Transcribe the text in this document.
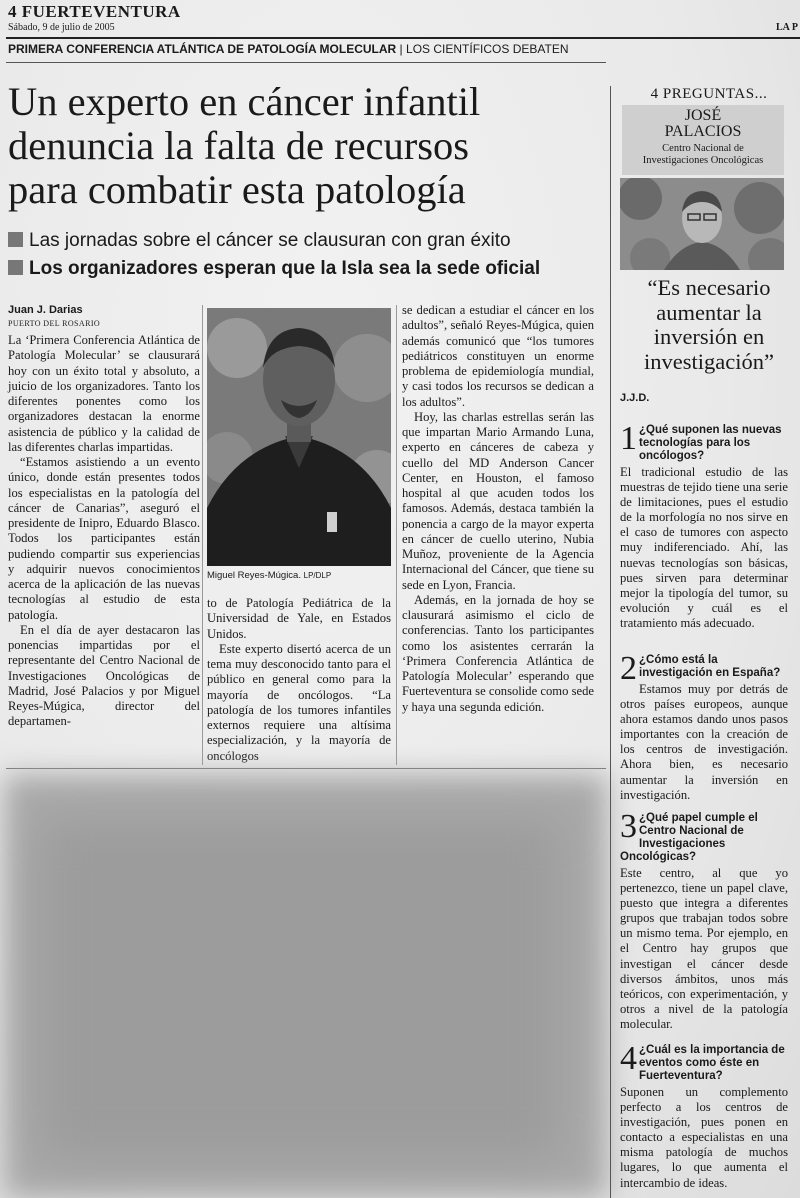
4 FUERTEVENTURA
Sábado, 9 de julio de 2005	LA P
PRIMERA CONFERENCIA ATLÁNTICA DE PATOLOGÍA MOLECULAR | LOS CIENTÍFICOS DEBATEN
Un experto en cáncer infantil
denuncia la falta de recursos
para combatir esta patología
Las jornadas sobre el cáncer se clausuran con gran éxito
Los organizadores esperan que la Isla sea la sede oficial
Juan J. Darias
PUERTO DEL ROSARIO

La ‘Primera Conferencia Atlántica de Patología Molecular’ se clausurará hoy con un éxito total y absoluto, a juicio de los organizadores. Tanto los diferentes ponentes como los organizadores destacan la enorme asistencia de público y la calidad de las diferentes charlas impartidas.

“Estamos asistiendo a un evento único, donde están presentes todos los especialistas en la patología del cáncer de Canarias”, aseguró el presidente de Inipro, Eduardo Blasco. Todos los participantes están pudiendo compartir sus experiencias y adquirir nuevos conocimientos acerca de la aplicación de las nuevas tecnologías al estudio de esta patología.

En el día de ayer destacaron las ponencias impartidas por el representante del Centro Nacional de Investigaciones Oncológicas de Madrid, José Palacios y por Miguel Reyes-Múgica, director del departamen-

Miguel Reyes-Múgica. LP/DLP

to de Patología Pediátrica de la Universidad de Yale, en Estados Unidos.

Este experto disertó acerca de un tema muy desconocido tanto para el público en general como para la mayoría de oncólogos. “La patología de los tumores infantiles externos requiere una altísima especialización, y la mayoría de oncólogos

se dedican a estudiar el cáncer en los adultos”, señaló Reyes-Múgica, quien además comunicó que “los tumores pediátricos constituyen un enorme problema de epidemiología mundial, y casi todos los recursos se dedican a los adultos”.

Hoy, las charlas estrellas serán las que impartan Mario Armando Luna, experto en cánceres de cabeza y cuello del MD Anderson Cancer Center, en Houston, el famoso hospital al que acuden todos los famosos. Además, destaca también la ponencia a cargo de la mayor experta en cáncer de cuello uterino, Nubia Muñoz, proveniente de la Agencia Internacional del Cáncer, que tiene su sede en Lyon, Francia.

Además, en la jornada de hoy se clausurará asimismo el ciclo de conferencias. Tanto los participantes como los asistentes cerrarán la ‘Primera Conferencia Atlántica de Patología Molecular’ esperando que Fuerteventura se consolide como sede y haya una segunda edición.

4 PREGUNTAS...
JOSÉ
PALACIOS
Centro Nacional de
Investigaciones Oncológicas
“Es necesario aumentar la inversión en investigación”
J.J.D.
1 ¿Qué suponen las nuevas tecnologías para los oncólogos?
El tradicional estudio de las muestras de tejido tiene una serie de limitaciones, pues el estudio de la morfología no nos sirve en el caso de tumores con aspecto muy indiferenciado. Ahí, las nuevas tecnologías son básicas, pues sirven para determinar mejor la tipología del tumor, su evolución y cuál es el tratamiento más adecuado.
2 ¿Cómo está la investigación en España?
Estamos muy por detrás de otros países europeos, aunque ahora estamos dando unos pasos importantes con la creación de los centros de investigación. Ahora bien, es necesario aumentar la inversión en investigación.
3 ¿Qué papel cumple el Centro Nacional de Investigaciones Oncológicas?
Este centro, al que yo pertenezco, tiene un papel clave, puesto que integra a diferentes grupos que trabajan todos sobre un mismo tema. Por ejemplo, en el Centro hay grupos que investigan el cáncer desde diversos ámbitos, unos más teóricos, con experimentación, y otros a nivel de la patología molecular.
4 ¿Cuál es la importancia de eventos como éste en Fuerteventura?
Suponen un complemento perfecto a los centros de investigación, pues ponen en contacto a especialistas en una misma patología de muchos lugares, lo que aumenta el intercambio de ideas.
